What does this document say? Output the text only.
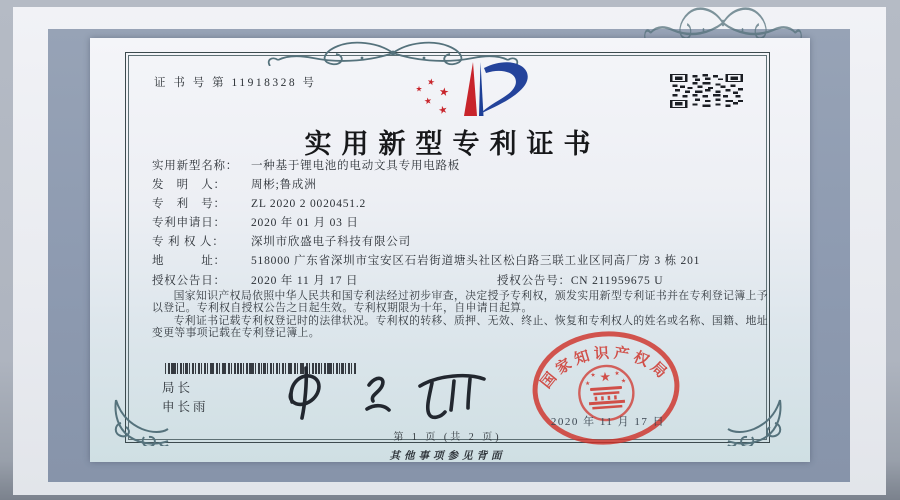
证 书 号 第 11918328 号
实用新型专利证书
实用新型名称：	一种基于锂电池的电动文具专用电路板
发　明　人：	周彬;鲁成洲
专　利　号：	ZL 2020 2 0020451.2
专利申请日：	2020 年 01 月 03 日
专 利 权 人：	深圳市欣盛电子科技有限公司
地　　　址：	518000 广东省深圳市宝安区石岩街道塘头社区松白路三联工业区同高厂房 3 栋 201
授权公告日：	2020 年 11 月 17 日	授权公告号： CN 211959675 U

国家知识产权局依照中华人民共和国专利法经过初步审查，决定授予专利权，颁发实用新型专利证书并在专利登记簿上予以登记。专利权自授权公告之日起生效。专利权期限为十年，自申请日起算。

专利证书记载专利权登记时的法律状况。专利权的转移、质押、无效、终止、恢复和专利权人的姓名或名称、国籍、地址变更等事项记载在专利登记簿上。

局长
申长雨
国家知识产权局
2020 年 11 月 17 日
第 1 页 (共 2 页)
其他事项参见背面
